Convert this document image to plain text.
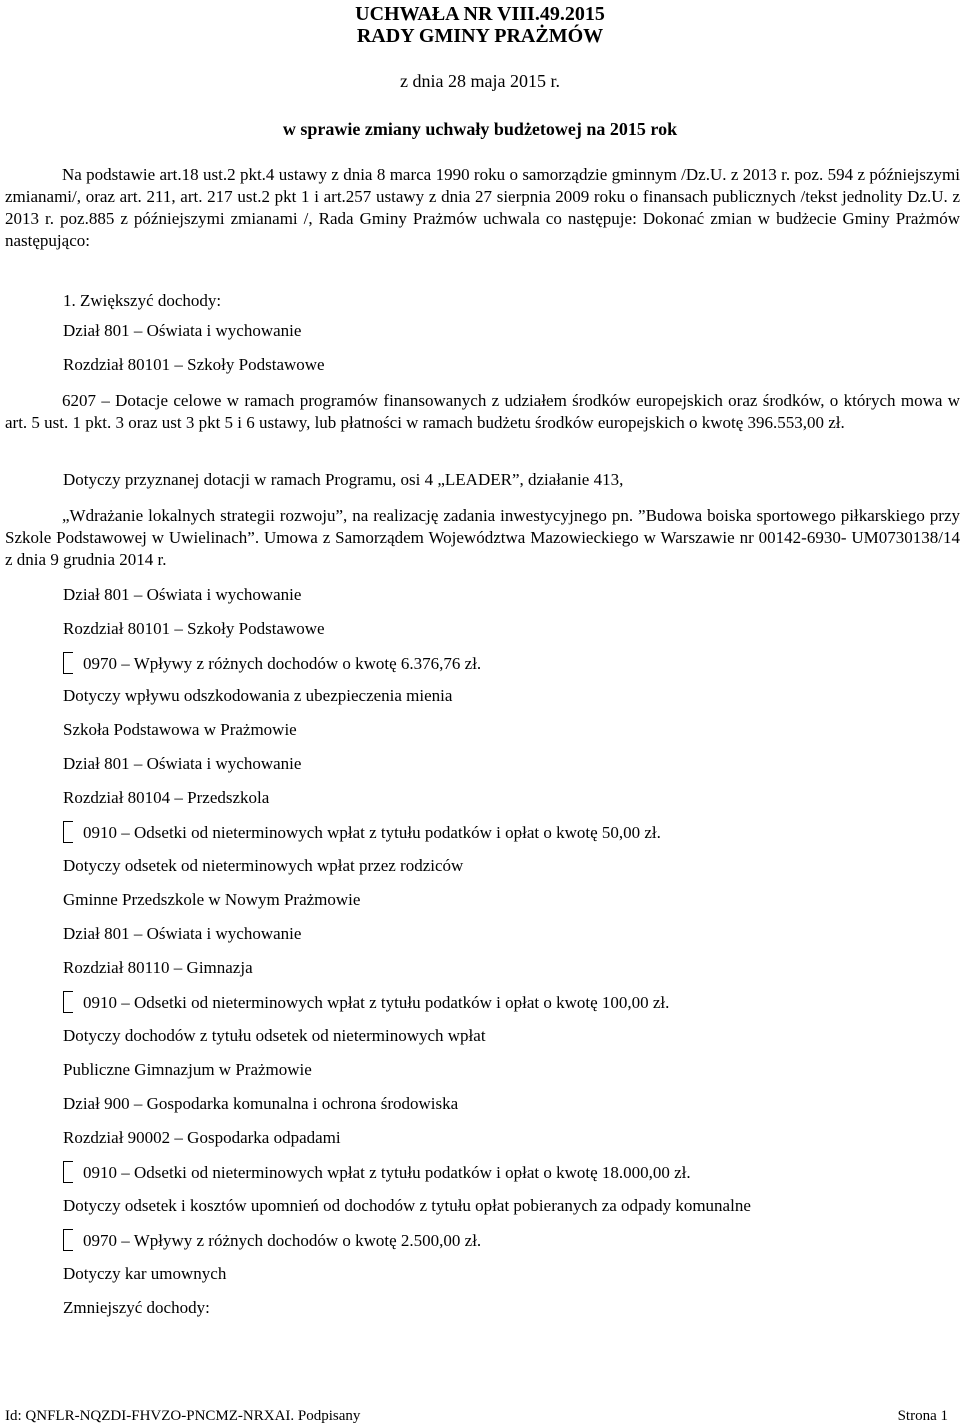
UCHWAŁA NR VIII.49.2015
RADY GMINY PRAŻMÓW
z dnia 28 maja 2015 r.
w sprawie zmiany uchwały budżetowej na 2015 rok

Na podstawie art.18 ust.2 pkt.4 ustawy z dnia 8 marca 1990 roku o samorządzie gminnym /Dz.U. z 2013 r. poz. 594 z późniejszymi zmianami/, oraz art. 211, art. 217 ust.2 pkt 1 i art.257 ustawy z dnia 27 sierpnia 2009 roku o finansach publicznych /tekst jednolity Dz.U. z 2013 r. poz.885 z późniejszymi zmianami /, Rada Gminy Prażmów uchwala co następuje: Dokonać zmian w budżecie Gminy Prażmów następująco:

1. Zwiększyć dochody:
Dział 801 – Oświata i wychowanie
Rozdział 80101 – Szkoły Podstawowe

6207 – Dotacje celowe w ramach programów finansowanych z udziałem środków europejskich oraz środków, o których mowa w art. 5 ust. 1 pkt. 3 oraz ust 3 pkt 5 i 6 ustawy, lub płatności w ramach budżetu środków europejskich o kwotę 396.553,00 zł.

Dotyczy przyznanej dotacji w ramach Programu, osi 4 „LEADER”, działanie 413,

„Wdrażanie lokalnych strategii rozwoju”, na realizację zadania inwestycyjnego pn. ”Budowa boiska sportowego piłkarskiego przy Szkole Podstawowej w Uwielinach”. Umowa z Samorządem Województwa Mazowieckiego w Warszawie nr 00142-6930- UM0730138/14 z dnia 9 grudnia 2014 r.

Dział 801 – Oświata i wychowanie
Rozdział 80101 – Szkoły Podstawowe
0970 – Wpływy z różnych dochodów o kwotę 6.376,76 zł.
Dotyczy wpływu odszkodowania z ubezpieczenia mienia
Szkoła Podstawowa w Prażmowie
Dział 801 – Oświata i wychowanie
Rozdział 80104 – Przedszkola
0910 – Odsetki od nieterminowych wpłat z tytułu podatków i opłat o kwotę 50,00 zł.
Dotyczy odsetek od nieterminowych wpłat przez rodziców
Gminne Przedszkole w Nowym Prażmowie
Dział 801 – Oświata i wychowanie
Rozdział 80110 – Gimnazja
0910 – Odsetki od nieterminowych wpłat z tytułu podatków i opłat o kwotę 100,00 zł.
Dotyczy dochodów z tytułu odsetek od nieterminowych wpłat
Publiczne Gimnazjum w Prażmowie
Dział 900 – Gospodarka komunalna i ochrona środowiska
Rozdział 90002 – Gospodarka odpadami
0910 – Odsetki od nieterminowych wpłat z tytułu podatków i opłat o kwotę 18.000,00 zł.
Dotyczy odsetek i kosztów upomnień od dochodów z tytułu opłat pobieranych za odpady komunalne
0970 – Wpływy z różnych dochodów o kwotę 2.500,00 zł.
Dotyczy kar umownych
Zmniejszyć dochody:
Id: QNFLR-NQZDI-FHVZO-PNCMZ-NRXAI. Podpisany	Strona 1
